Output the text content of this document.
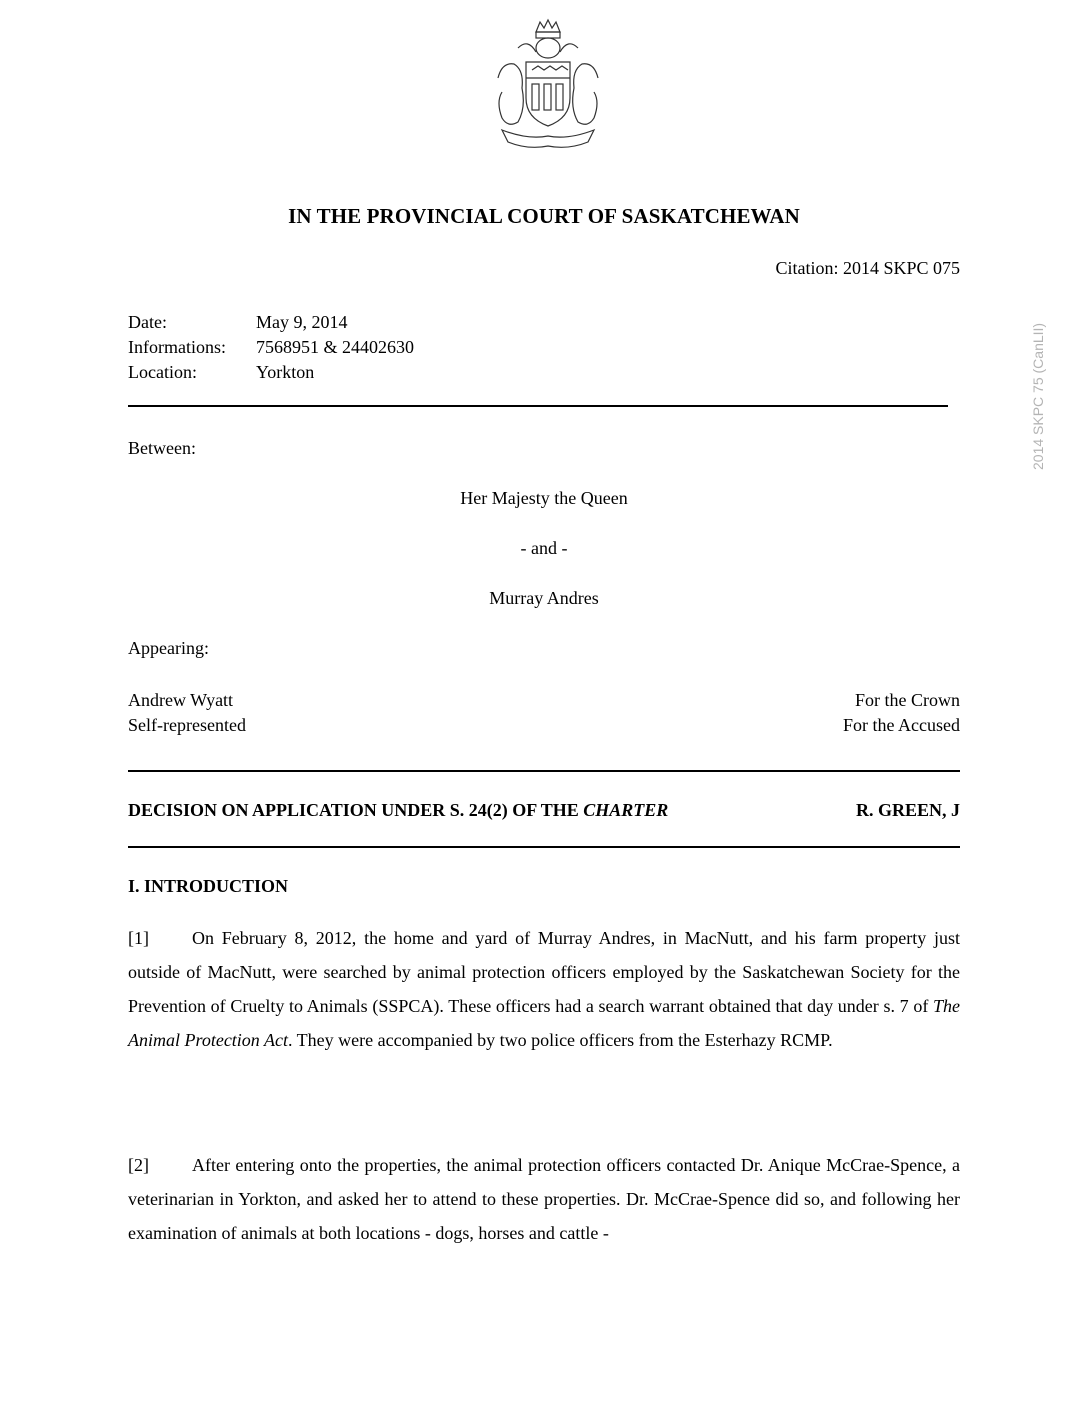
IN THE PROVINCIAL COURT OF SASKATCHEWAN
Citation: 2014 SKPC 075
Date:	May 9, 2014
Informations:	7568951 & 24402630
Location:	Yorkton
Between:
Her Majesty the Queen
- and -
Murray Andres
Appearing:
Andrew Wyatt	For the Crown
Self-represented	For the Accused
DECISION ON APPLICATION UNDER S. 24(2) OF THE CHARTER	R. GREEN, J
I. INTRODUCTION
[1] On February 8, 2012, the home and yard of Murray Andres, in MacNutt, and his farm property just outside of MacNutt, were searched by animal protection officers employed by the Saskatchewan Society for the Prevention of Cruelty to Animals (SSPCA). These officers had a search warrant obtained that day under s. 7 of The Animal Protection Act. They were accompanied by two police officers from the Esterhazy RCMP.
[2] After entering onto the properties, the animal protection officers contacted Dr. Anique McCrae-Spence, a veterinarian in Yorkton, and asked her to attend to these properties. Dr. McCrae-Spence did so, and following her examination of animals at both locations - dogs, horses and cattle -
2014 SKPC 75 (CanLII)
